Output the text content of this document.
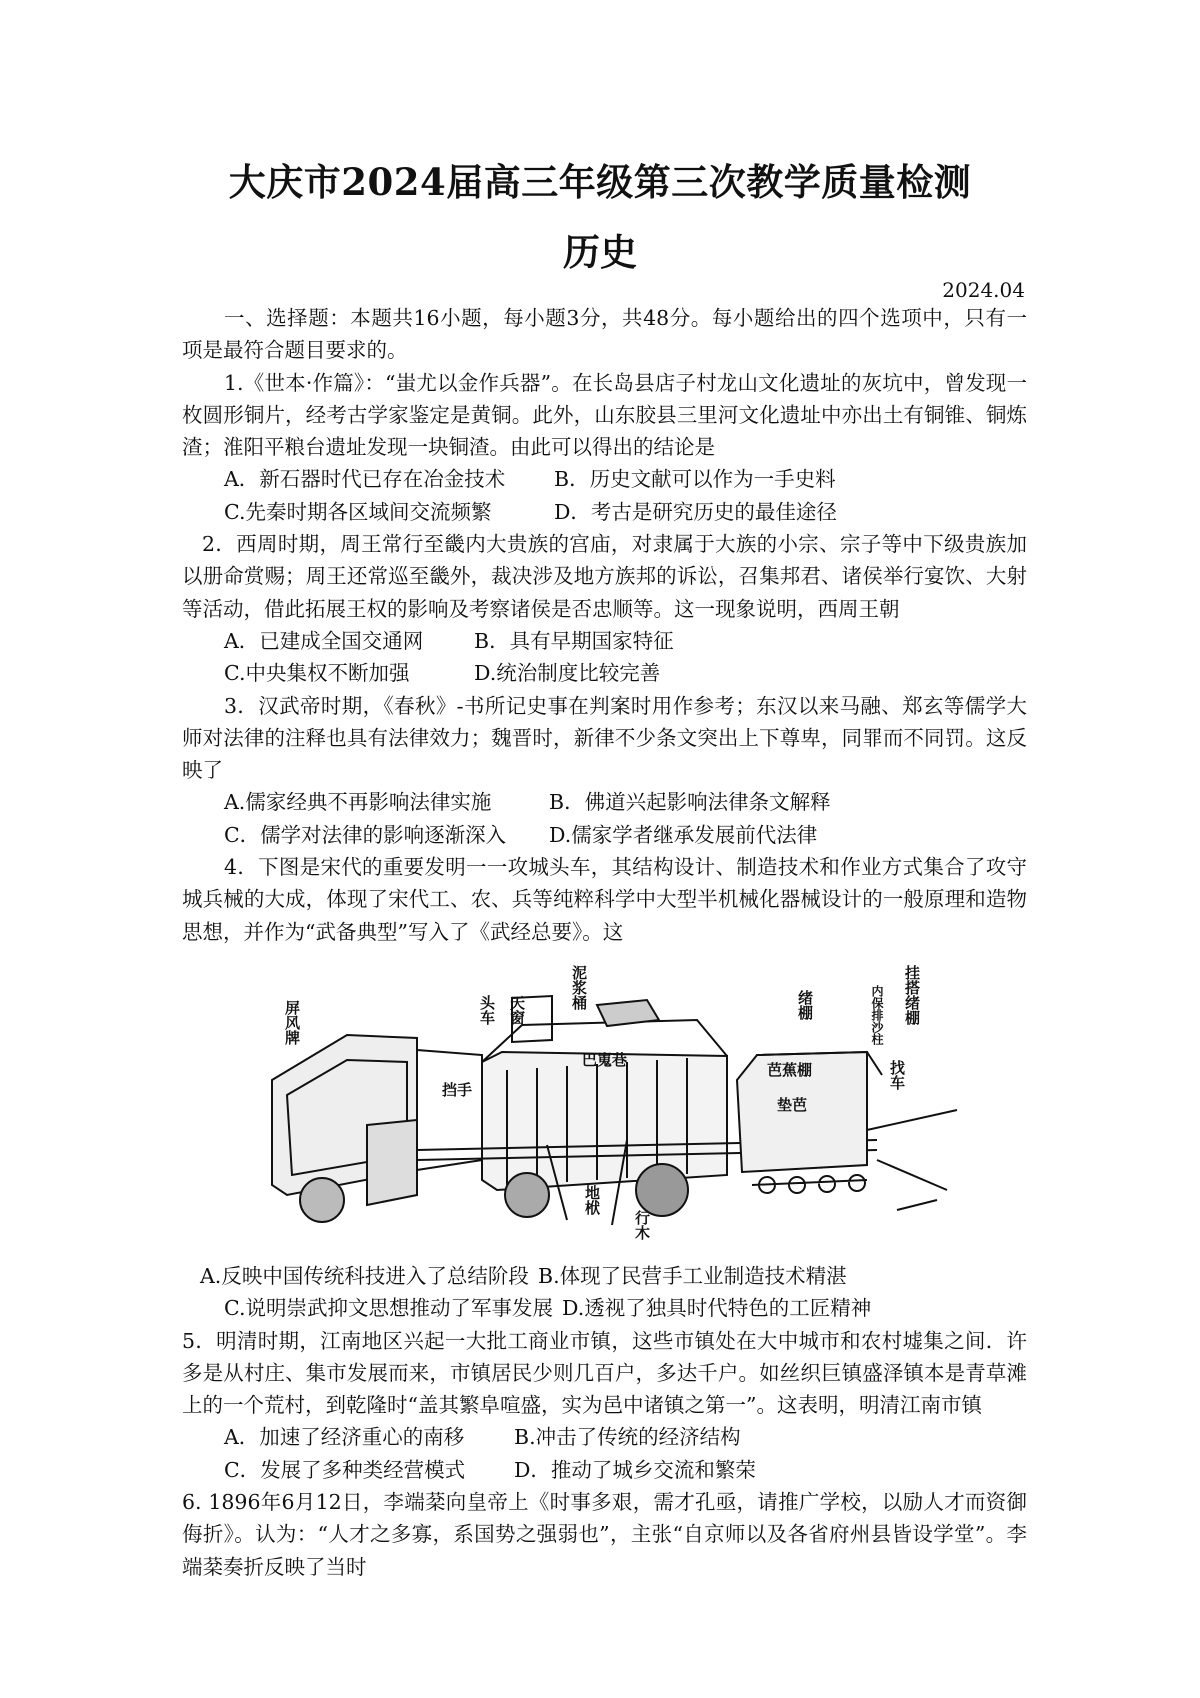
大庆市2024届高三年级第三次教学质量检测
历史
2024.04

一、选择题：本题共16小题，每小题3分，共48分。每小题给出的四个选项中，只有一项是最符合题目要求的。

1.《世本·作篇》：“蚩尤以金作兵器”。在长岛县店子村龙山文化遗址的灰坑中，曾发现一枚圆形铜片，经考古学家鉴定是黄铜。此外，山东胶县三里河文化遗址中亦出土有铜锥、铜炼渣；淮阳平粮台遗址发现一块铜渣。由此可以得出的结论是

A．新石器时代已存在冶金技术 B．历史文献可以作为一手史料

C.先秦时期各区域间交流频繁	D．考古是研究历史的最佳途径

2．西周时期，周王常行至畿内大贵族的宫庙，对隶属于大族的小宗、宗子等中下级贵族加以册命赏赐；周王还常巡至畿外，裁决涉及地方族邦的诉讼，召集邦君、诸侯举行宴饮、大射等活动，借此拓展王权的影响及考察诸侯是否忠顺等。这一现象说明，西周王朝

A．已建成全国交通网 B．具有早期国家特征

C.中央集权不断加强	D.统治制度比较完善

3．汉武帝时期，《春秋》-书所记史事在判案时用作参考；东汉以来马融、郑玄等儒学大师对法律的注释也具有法律效力；魏晋时，新律不少条文突出上下尊卑，同罪而不同罚。这反映了

A.儒家经典不再影响法律实施	B．佛道兴起影响法律条文解释

C．儒学对法律的影响逐渐深入 D.儒家学者继承发展前代法律

4．下图是宋代的重要发明一一攻城头车，其结构设计、制造技术和作业方式集合了攻守城兵械的大成，体现了宋代工、农、兵等纯粹科学中大型半机械化器械设计的一般原理和造物思想，并作为“武备典型”写入了《武经总要》。这

屏风牌	头车 天窗	泥浆桶	绪棚
挡手
巴嵬巷
地栿
行木
找车
挂搭绪棚
内保排沙柱
芭蕉棚
垫芭

A.反映中国传统科技进入了总结阶段 B.体现了民营手工业制造技术精湛

C.说明崇武抑文思想推动了军事发展 D.透视了独具时代特色的工匠精神

5．明清时期，江南地区兴起一大批工商业市镇，这些市镇处在大中城市和农村墟集之间．许多是从村庄、集市发展而来，市镇居民少则几百户，多达千户。如丝织巨镇盛泽镇本是青草滩上的一个荒村，到乾隆时“盖其繁阜喧盛，实为邑中诸镇之第一”。这表明，明清江南市镇

A．加速了经济重心的南移 B.冲击了传统的经济结构

C．发展了多种类经营模式 D．推动了城乡交流和繁荣

6. 1896年6月12日，李端棻向皇帝上《时事多艰，需才孔亟，请推广学校，以励人才而资御侮折》。认为：“人才之多寡，系国势之强弱也”，主张“自京师以及各省府州县皆设学堂”。李端棻奏折反映了当时
